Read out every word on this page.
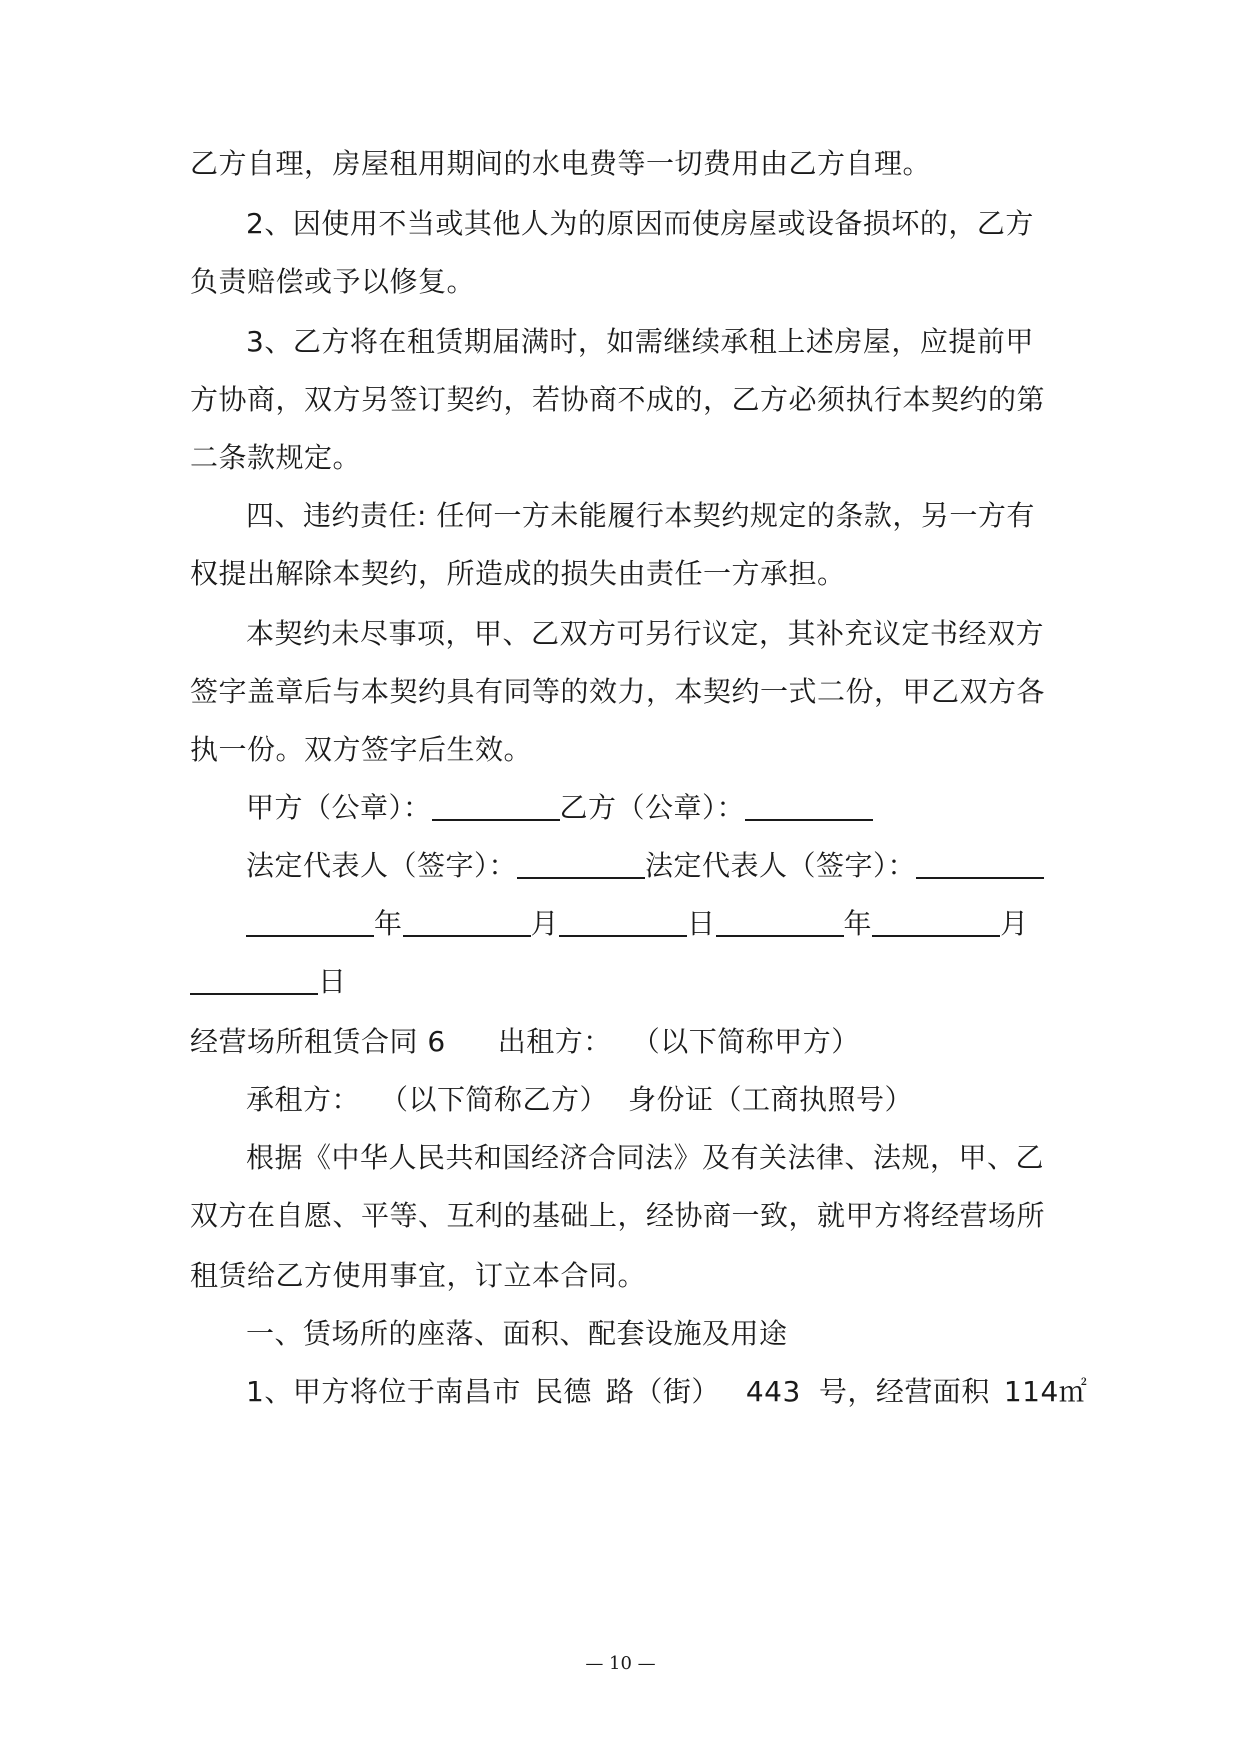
乙方自理，房屋租用期间的水电费等一切费用由乙方自理。
2、因使用不当或其他人为的原因而使房屋或设备损坏的，乙方
负责赔偿或予以修复。
3、乙方将在租赁期届满时，如需继续承租上述房屋，应提前甲
方协商，双方另签订契约，若协商不成的，乙方必须执行本契约的第
二条款规定。
四、违约责任: 任何一方未能履行本契约规定的条款，另一方有
权提出解除本契约，所造成的损失由责任一方承担。
本契约未尽事项，甲、乙双方可另行议定，其补充议定书经双方
签字盖章后与本契约具有同等的效力，本契约一式二份，甲乙双方各
执一份。双方签字后生效。
甲方（公章）：	乙方（公章）：
法定代表人（签字）：	法定代表人（签字）：
年	月	日	年	月
日
经营场所租赁合同 6 出租方： （以下简称甲方）
承租方： （以下简称乙方） 身份证（工商执照号）
根据《中华人民共和国经济合同法》及有关法律、法规，甲、乙
双方在自愿、平等、互利的基础上，经协商一致，就甲方将经营场所
租赁给乙方使用事宜，订立本合同。
一、赁场所的座落、面积、配套设施及用途
1、甲方将位于南昌市 民德 路（街） 443 号，经营面积 114㎡
— 10 —
